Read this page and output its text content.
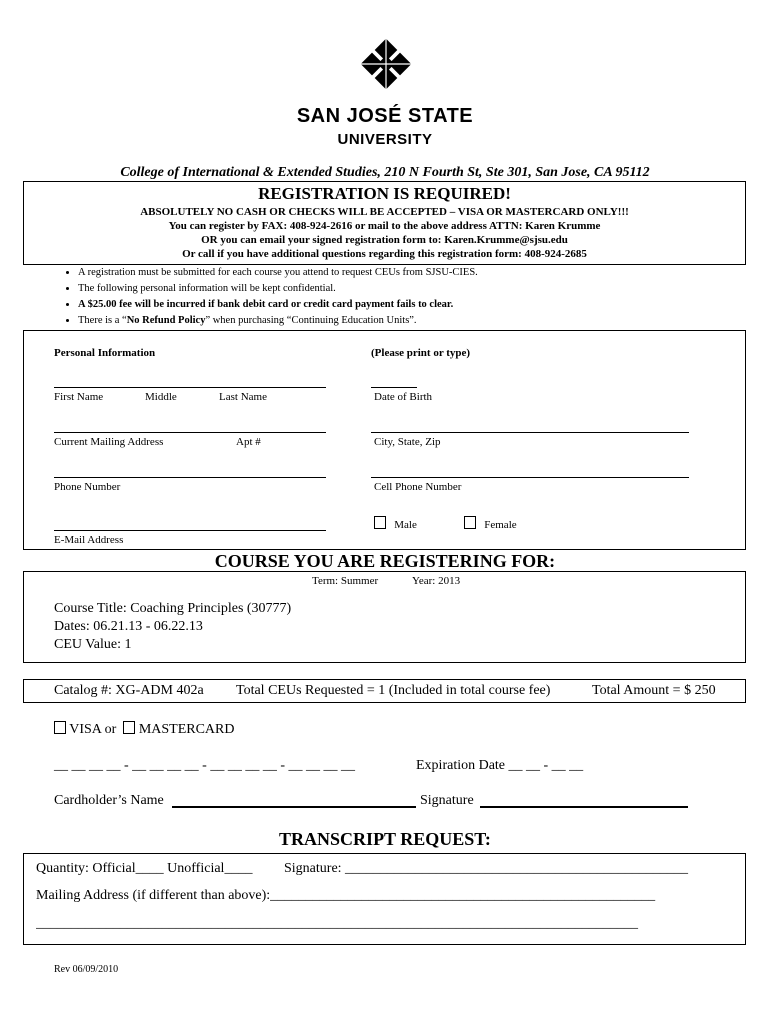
SAN JOSÉ STATE
UNIVERSITY
College of International & Extended Studies, 210 N Fourth St, Ste 301, San Jose, CA 95112
REGISTRATION IS REQUIRED!
ABSOLUTELY NO CASH OR CHECKS WILL BE ACCEPTED – VISA OR MASTERCARD ONLY!!!
You can register by FAX: 408-924-2616 or mail to the above address ATTN: Karen Krumme
OR you can email your signed registration form to: Karen.Krumme@sjsu.edu
Or call if you have additional questions regarding this registration form: 408-924-2685
• A registration must be submitted for each course you attend to request CEUs from SJSU-CIES.
• The following personal information will be kept confidential.
• A $25.00 fee will be incurred if bank debit card or credit card payment fails to clear.
• There is a “No Refund Policy” when purchasing “Continuing Education Units”.
Personal Information	(Please print or type)
First Name	Middle	Last Name	Date of Birth
Current Mailing Address	Apt #	City, State, Zip
Phone Number	Cell Phone Number
Male	Female
E-Mail Address
COURSE YOU ARE REGISTERING FOR:
Term: Summer	Year: 2013
Course Title: Coaching Principles (30777)
Dates: 06.21.13 - 06.22.13
CEU Value: 1
Catalog #: XG-ADM 402a Total CEUs Requested = 1 (Included in total course fee)	Total Amount = $ 250
VISA or MASTERCARD
__ __ __ __ - __ __ __ __ - __ __ __ __ - __ __ __ __	Expiration Date __ __ - __ __
Cardholder’s Name	Signature
TRANSCRIPT REQUEST:
Quantity: Official____ Unofficial____ Signature: _________________________________________________
Mailing Address (if different than above):_______________________________________________________
______________________________________________________________________________________
Rev 06/09/2010
